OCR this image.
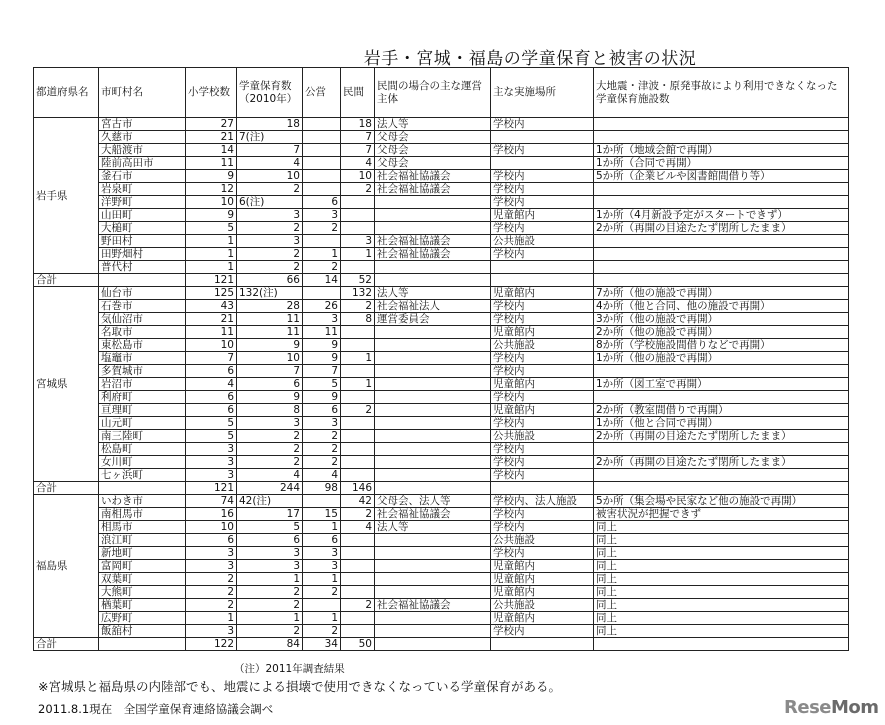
岩手・宮城・福島の学童保育と被害の状況
都道府県名	市町村名	小学校数	学童保育数（2010年）	公営	民間	民間の場合の主な運営主体	主な実施場所	大地震・津波・原発事故により利用できなくなった学童保育施設数
岩手県	宮古市	27	18		18	法人等	学校内	
	久慈市	21	7(注)		7	父母会		
	大船渡市	14	7		7	父母会	学校内	1か所（地域会館で再開）
	陸前高田市	11	4		4	父母会		1か所（合同で再開）
	釜石市	9	10		10	社会福祉協議会	学校内	5か所（企業ビルや図書館間借り等）
	岩泉町	12	2		2	社会福祉協議会	学校内	
	洋野町	10	6(注)	6			学校内	
	山田町	9	3	3			児童館内	1か所（4月新設予定がスタートできず）
	大槌町	5	2	2			学校内	2か所（再開の目途たたず閉所したまま）
	野田村	1	3		3	社会福祉協議会	公共施設	
	田野畑村	1	2	1	1	社会福祉協議会	学校内	
	普代村	1	2	2				
合計		121	66	14	52			
宮城県	仙台市	125	132(注)		132	法人等	児童館内	7か所（他の施設で再開）
	石巻市	43	28	26	2	社会福祉法人	学校内	4か所（他と合同、他の施設で再開）
	気仙沼市	21	11	3	8	運営委員会	学校内	3か所（他の施設で再開）
	名取市	11	11	11			児童館内	2か所（他の施設で再開）
	東松島市	10	9	9			公共施設	8か所（学校施設間借りなどで再開）
	塩竈市	7	10	9	1		学校内	1か所（他の施設で再開）
	多賀城市	6	7	7			学校内	
	岩沼市	4	6	5	1		児童館内	1か所（図工室で再開）
	利府町	6	9	9			学校内	
	亘理町	6	8	6	2		児童館内	2か所（教室間借りで再開）
	山元町	5	3	3			学校内	1か所（他と合同で再開）
	南三陸町	5	2	2			公共施設	2か所（再開の目途たたず閉所したまま）
	松島町	3	2	2			学校内	
	女川町	3	2	2			学校内	2か所（再開の目途たたず閉所したまま）
	七ヶ浜町	3	4	4			学校内	
合計		121	244	98	146			
福島県	いわき市	74	42(注)		42	父母会、法人等	学校内、法人施設	5か所（集会場や民家など他の施設で再開）
	南相馬市	16	17	15	2	社会福祉協議会	学校内	被害状況が把握できず
	相馬市	10	5	1	4	法人等	学校内	同上
	浪江町	6	6	6			公共施設	同上
	新地町	3	3	3			学校内	同上
	富岡町	3	3	3			児童館内	同上
	双葉町	2	1	1			児童館内	同上
	大熊町	2	2	2			児童館内	同上
	楢葉町	2	2		2	社会福祉協議会	公共施設	同上
	広野町	1	1	1			児童館内	同上
	飯舘村	3	2	2			学校内	同上
合計		122	84	34	50			
（注）2011年調査結果
※宮城県と福島県の内陸部でも、地震による損壊で使用できなくなっている学童保育がある。
2011.8.1現在　全国学童保育連絡協議会調べ	ReseMom
